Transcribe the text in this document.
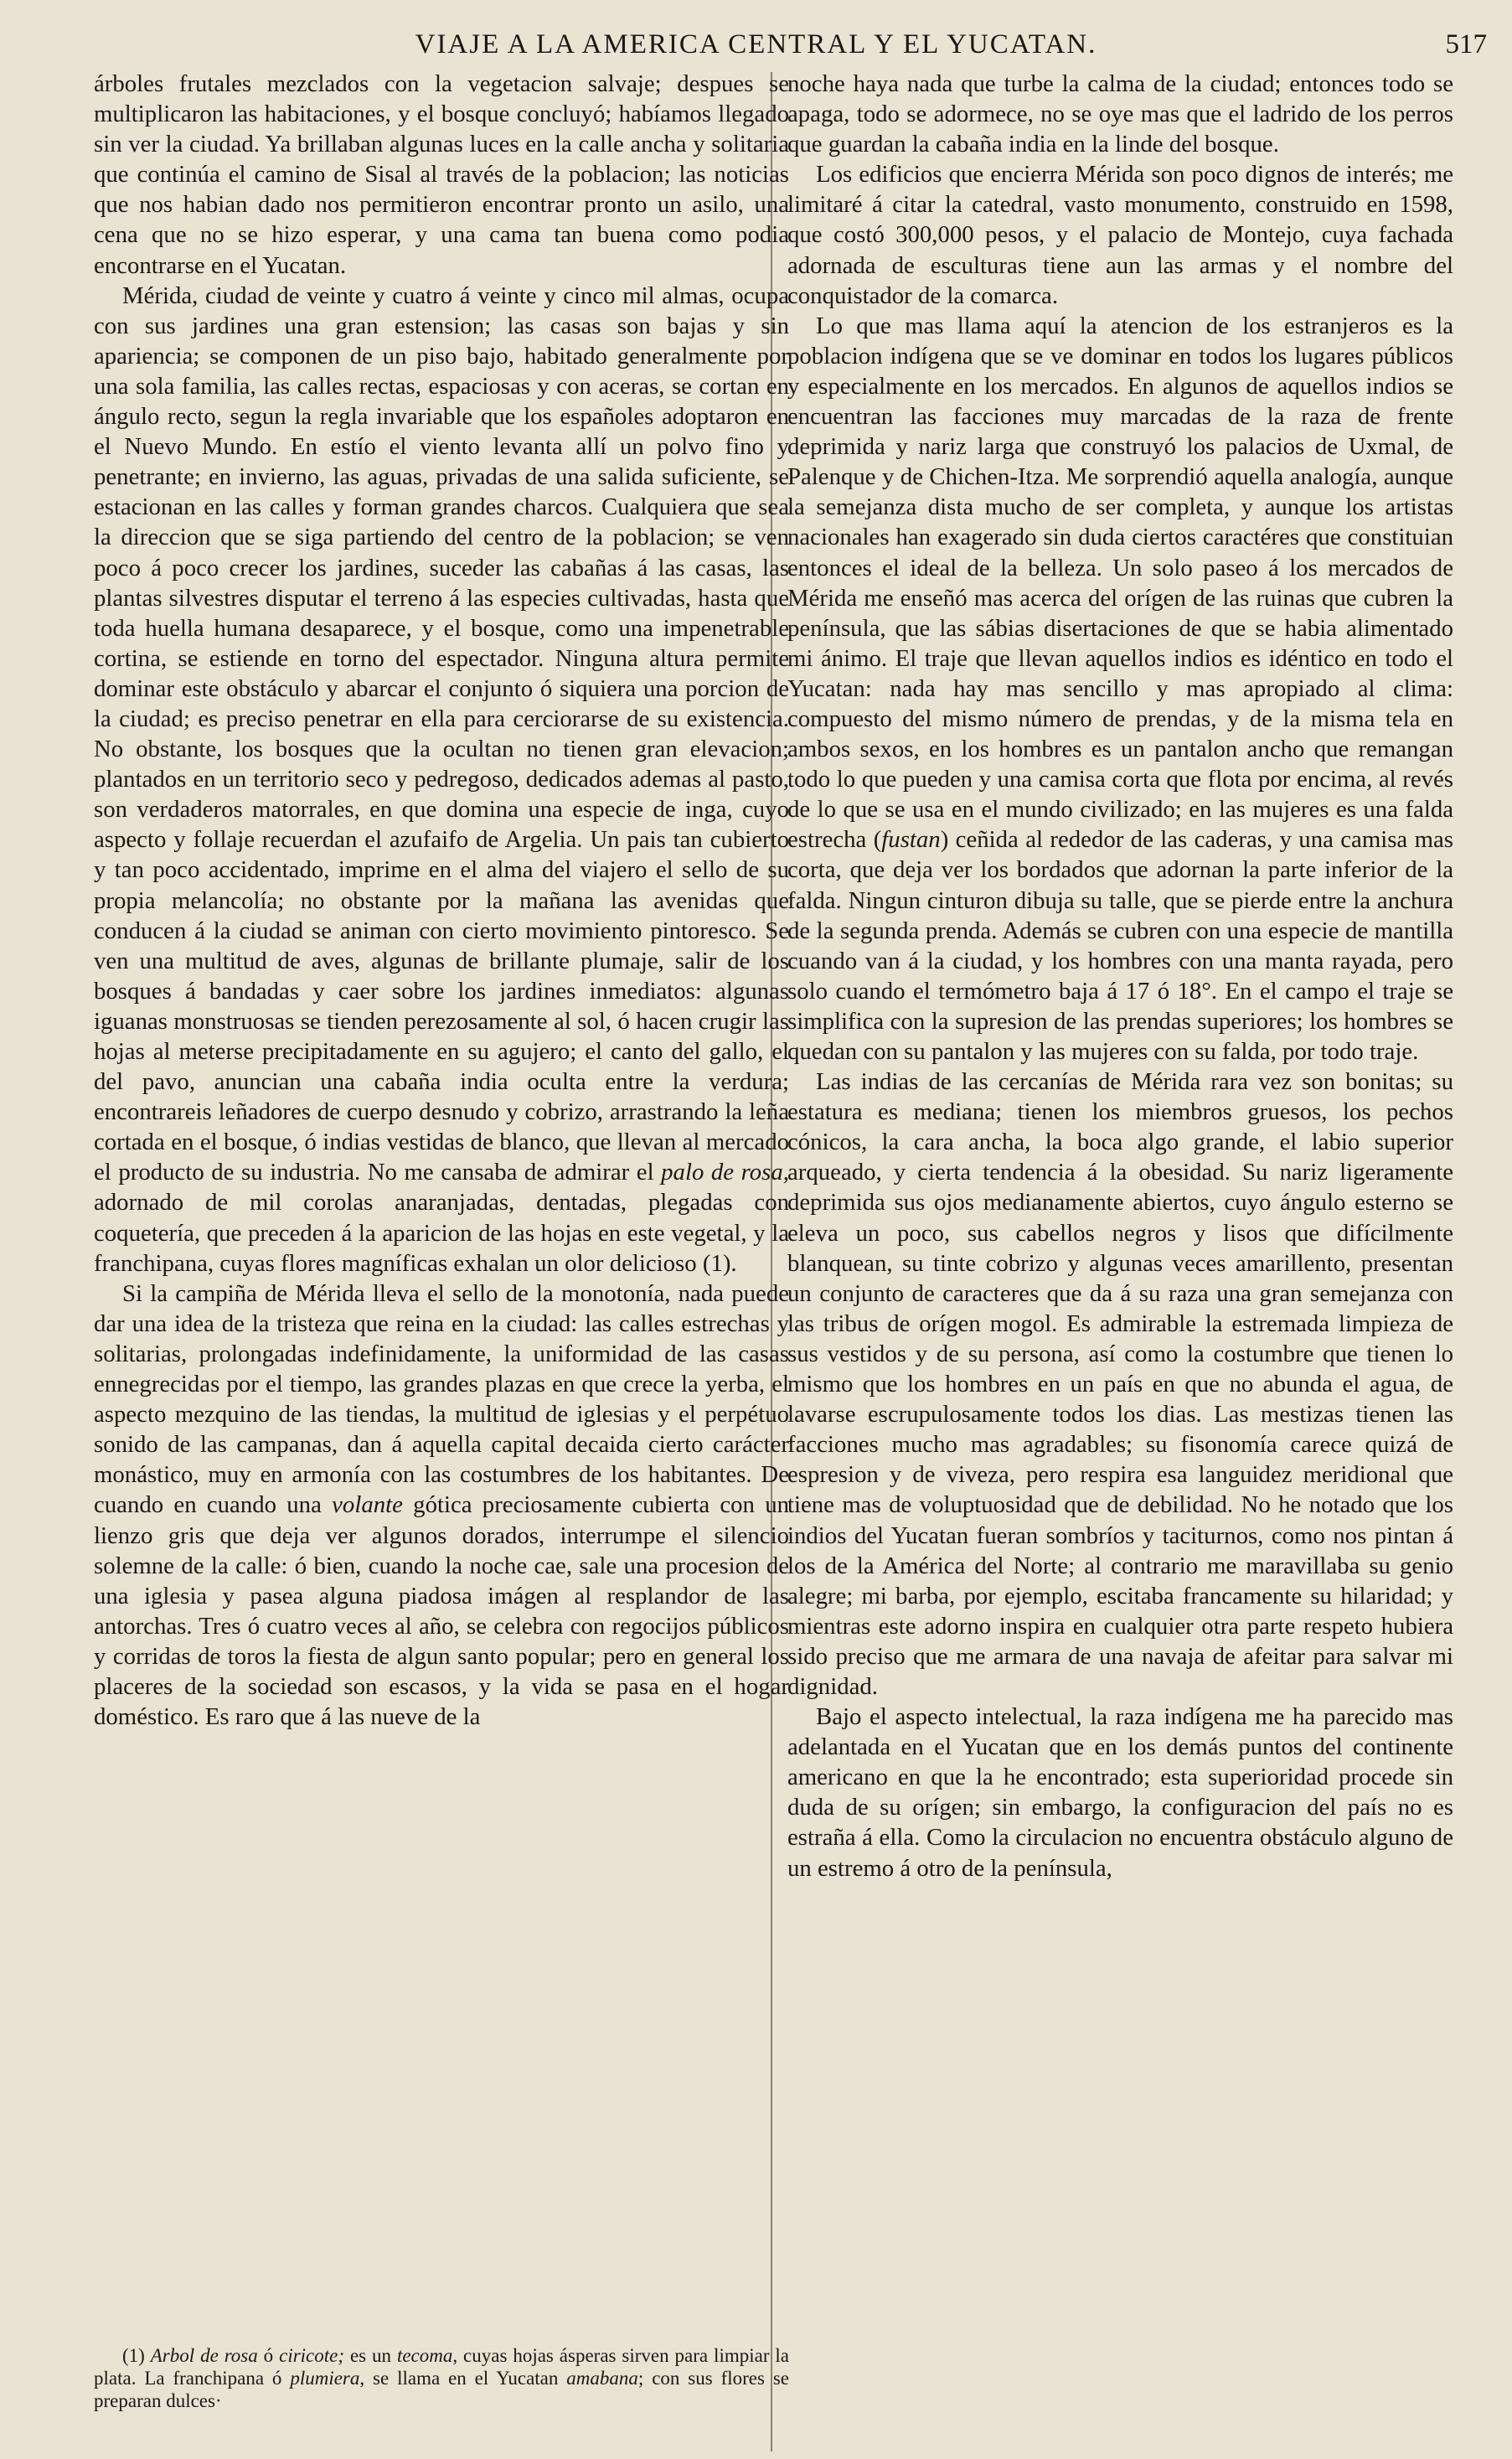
VIAJE A LA AMERICA CENTRAL Y EL YUCATAN.	517

árboles frutales mezclados con la vegetacion salvaje; despues se multiplicaron las habitaciones, y el bosque concluyó; habíamos llegado sin ver la ciudad. Ya brillaban algunas luces en la calle ancha y solitaria que continúa el camino de Sisal al través de la poblacion; las noticias que nos habian dado nos permitieron encontrar pronto un asilo, una cena que no se hizo esperar, y una cama tan buena como podia encontrarse en el Yucatan.

Mérida, ciudad de veinte y cuatro á veinte y cinco mil almas, ocupa con sus jardines una gran estension; las casas son bajas y sin apariencia; se componen de un piso bajo, habitado generalmente por una sola familia, las calles rectas, espaciosas y con aceras, se cortan en ángulo recto, segun la regla invariable que los españoles adoptaron en el Nuevo Mundo. En estío el viento levanta allí un polvo fino y penetrante; en invierno, las aguas, privadas de una salida suficiente, se estacionan en las calles y forman grandes charcos. Cualquiera que sea la direccion que se siga partiendo del centro de la poblacion; se ven poco á poco crecer los jardines, suceder las cabañas á las casas, las plantas silvestres disputar el terreno á las especies cultivadas, hasta que toda huella humana desaparece, y el bosque, como una impenetrable cortina, se estiende en torno del espectador. Ninguna altura permite dominar este obstáculo y abarcar el conjunto ó siquiera una porcion de la ciudad; es preciso penetrar en ella para cerciorarse de su existencia. No obstante, los bosques que la ocultan no tienen gran elevacion; plantados en un territorio seco y pedregoso, dedicados ademas al pasto, son verdaderos matorrales, en que domina una especie de inga, cuyo aspecto y follaje recuerdan el azufaifo de Argelia. Un pais tan cubierto y tan poco accidentado, imprime en el alma del viajero el sello de su propia melancolía; no obstante por la mañana las avenidas que conducen á la ciudad se animan con cierto movimiento pintoresco. Se ven una multitud de aves, algunas de brillante plumaje, salir de los bosques á bandadas y caer sobre los jardines inmediatos: algunas iguanas monstruosas se tienden perezosamente al sol, ó hacen crugir las hojas al meterse precipitadamente en su agujero; el canto del gallo, el del pavo, anuncian una cabaña india oculta entre la verdura; encontrareis leñadores de cuerpo desnudo y cobrizo, arrastrando la leña cortada en el bosque, ó indias vestidas de blanco, que llevan al mercado el producto de su industria. No me cansaba de admirar el palo de rosa, adornado de mil corolas anaranjadas, dentadas, plegadas con coquetería, que preceden á la aparicion de las hojas en este vegetal, y la franchipana, cuyas flores magníficas exhalan un olor delicioso (1).

Si la campiña de Mérida lleva el sello de la monotonía, nada puede dar una idea de la tristeza que reina en la ciudad: las calles estrechas y solitarias, prolongadas indefinidamente, la uniformidad de las casas ennegrecidas por el tiempo, las grandes plazas en que crece la yerba, el aspecto mezquino de las tiendas, la multitud de iglesias y el perpétuo sonido de las campanas, dan á aquella capital decaida cierto carácter monástico, muy en armonía con las costumbres de los habitantes. De cuando en cuando una volante gótica preciosamente cubierta con un lienzo gris que deja ver algunos dorados, interrumpe el silencio solemne de la calle: ó bien, cuando la noche cae, sale una procesion de una iglesia y pasea alguna piadosa imágen al resplandor de las antorchas. Tres ó cuatro veces al año, se celebra con regocijos públicos y corridas de toros la fiesta de algun santo popular; pero en general los placeres de la sociedad son escasos, y la vida se pasa en el hogar doméstico. Es raro que á las nueve de la

noche haya nada que turbe la calma de la ciudad; entonces todo se apaga, todo se adormece, no se oye mas que el ladrido de los perros que guardan la cabaña india en la linde del bosque.

Los edificios que encierra Mérida son poco dignos de interés; me limitaré á citar la catedral, vasto monumento, construido en 1598, que costó 300,000 pesos, y el palacio de Montejo, cuya fachada adornada de esculturas tiene aun las armas y el nombre del conquistador de la comarca.

Lo que mas llama aquí la atencion de los estranjeros es la poblacion indígena que se ve dominar en todos los lugares públicos y especialmente en los mercados. En algunos de aquellos indios se encuentran las facciones muy marcadas de la raza de frente deprimida y nariz larga que construyó los palacios de Uxmal, de Palenque y de Chichen-Itza. Me sorprendió aquella analogía, aunque la semejanza dista mucho de ser completa, y aunque los artistas nacionales han exagerado sin duda ciertos caractéres que constituian entonces el ideal de la belleza. Un solo paseo á los mercados de Mérida me enseñó mas acerca del orígen de las ruinas que cubren la península, que las sábias disertaciones de que se habia alimentado mi ánimo. El traje que llevan aquellos indios es idéntico en todo el Yucatan: nada hay mas sencillo y mas apropiado al clima: compuesto del mismo número de prendas, y de la misma tela en ambos sexos, en los hombres es un pantalon ancho que remangan todo lo que pueden y una camisa corta que flota por encima, al revés de lo que se usa en el mundo civilizado; en las mujeres es una falda estrecha (fustan) ceñida al rededor de las caderas, y una camisa mas corta, que deja ver los bordados que adornan la parte inferior de la falda. Ningun cinturon dibuja su talle, que se pierde entre la anchura de la segunda prenda. Además se cubren con una especie de mantilla cuando van á la ciudad, y los hombres con una manta rayada, pero solo cuando el termómetro baja á 17 ó 18°. En el campo el traje se simplifica con la supresion de las prendas superiores; los hombres se quedan con su pantalon y las mujeres con su falda, por todo traje.

Las indias de las cercanías de Mérida rara vez son bonitas; su estatura es mediana; tienen los miembros gruesos, los pechos cónicos, la cara ancha, la boca algo grande, el labio superior arqueado, y cierta tendencia á la obesidad. Su nariz ligeramente deprimida sus ojos medianamente abiertos, cuyo ángulo esterno se eleva un poco, sus cabellos negros y lisos que difícilmente blanquean, su tinte cobrizo y algunas veces amarillento, presentan un conjunto de caracteres que da á su raza una gran semejanza con las tribus de orígen mogol. Es admirable la estremada limpieza de sus vestidos y de su persona, así como la costumbre que tienen lo mismo que los hombres en un país en que no abunda el agua, de lavarse escrupulosamente todos los dias. Las mestizas tienen las facciones mucho mas agradables; su fisonomía carece quizá de espresion y de viveza, pero respira esa languidez meridional que tiene mas de voluptuosidad que de debilidad. No he notado que los indios del Yucatan fueran sombríos y taciturnos, como nos pintan á los de la América del Norte; al contrario me maravillaba su genio alegre; mi barba, por ejemplo, escitaba francamente su hilaridad; y mientras este adorno inspira en cualquier otra parte respeto hubiera sido preciso que me armara de una navaja de afeitar para salvar mi dignidad.

Bajo el aspecto intelectual, la raza indígena me ha parecido mas adelantada en el Yucatan que en los demás puntos del continente americano en que la he encontrado; esta superioridad procede sin duda de su orígen; sin embargo, la configuracion del país no es estraña á ella. Como la circulacion no encuentra obstáculo alguno de un estremo á otro de la península,

(1) Arbol de rosa ó ciricote; es un tecoma, cuyas hojas ásperas sirven para limpiar la plata. La franchipana ó plumiera, se llama en el Yucatan amabana; con sus flores se preparan dulces·
